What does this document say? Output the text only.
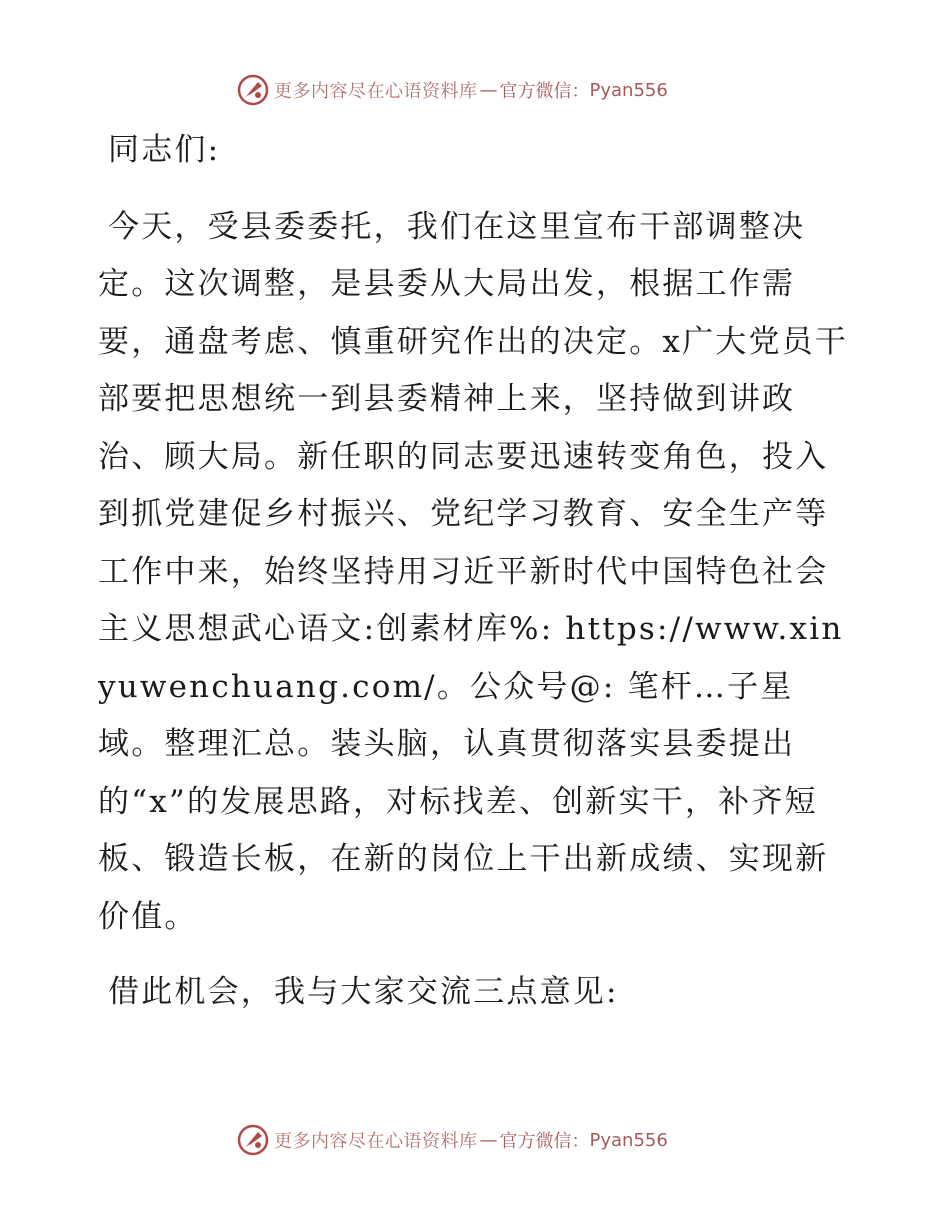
更多内容尽在心语资料库 — 官方微信： Pyan556

同志们:

今天，受县委委托，我们在这里宣布干部调整决定。这次调整，是县委从大局出发，根据工作需要，通盘考虑、慎重研究作出的决定。x广大党员干部要把思想统一到县委精神上来，坚持做到讲政治、顾大局。新任职的同志要迅速转变角色，投入到抓党建促乡村振兴、党纪学习教育、安全生产等工作中来，始终坚持用习近平新时代中国特色社会主义思想武心语文:创素材库%: https://www.xinyuwenchuang.com/。公众号@: 笔杆…子星域。整理汇总。装头脑，认真贯彻落实县委提出的“x”的发展思路，对标找差、创新实干，补齐短板、锻造长板，在新的岗位上干出新成绩、实现新价值。

借此机会，我与大家交流三点意见:

更多内容尽在心语资料库 — 官方微信： Pyan556
